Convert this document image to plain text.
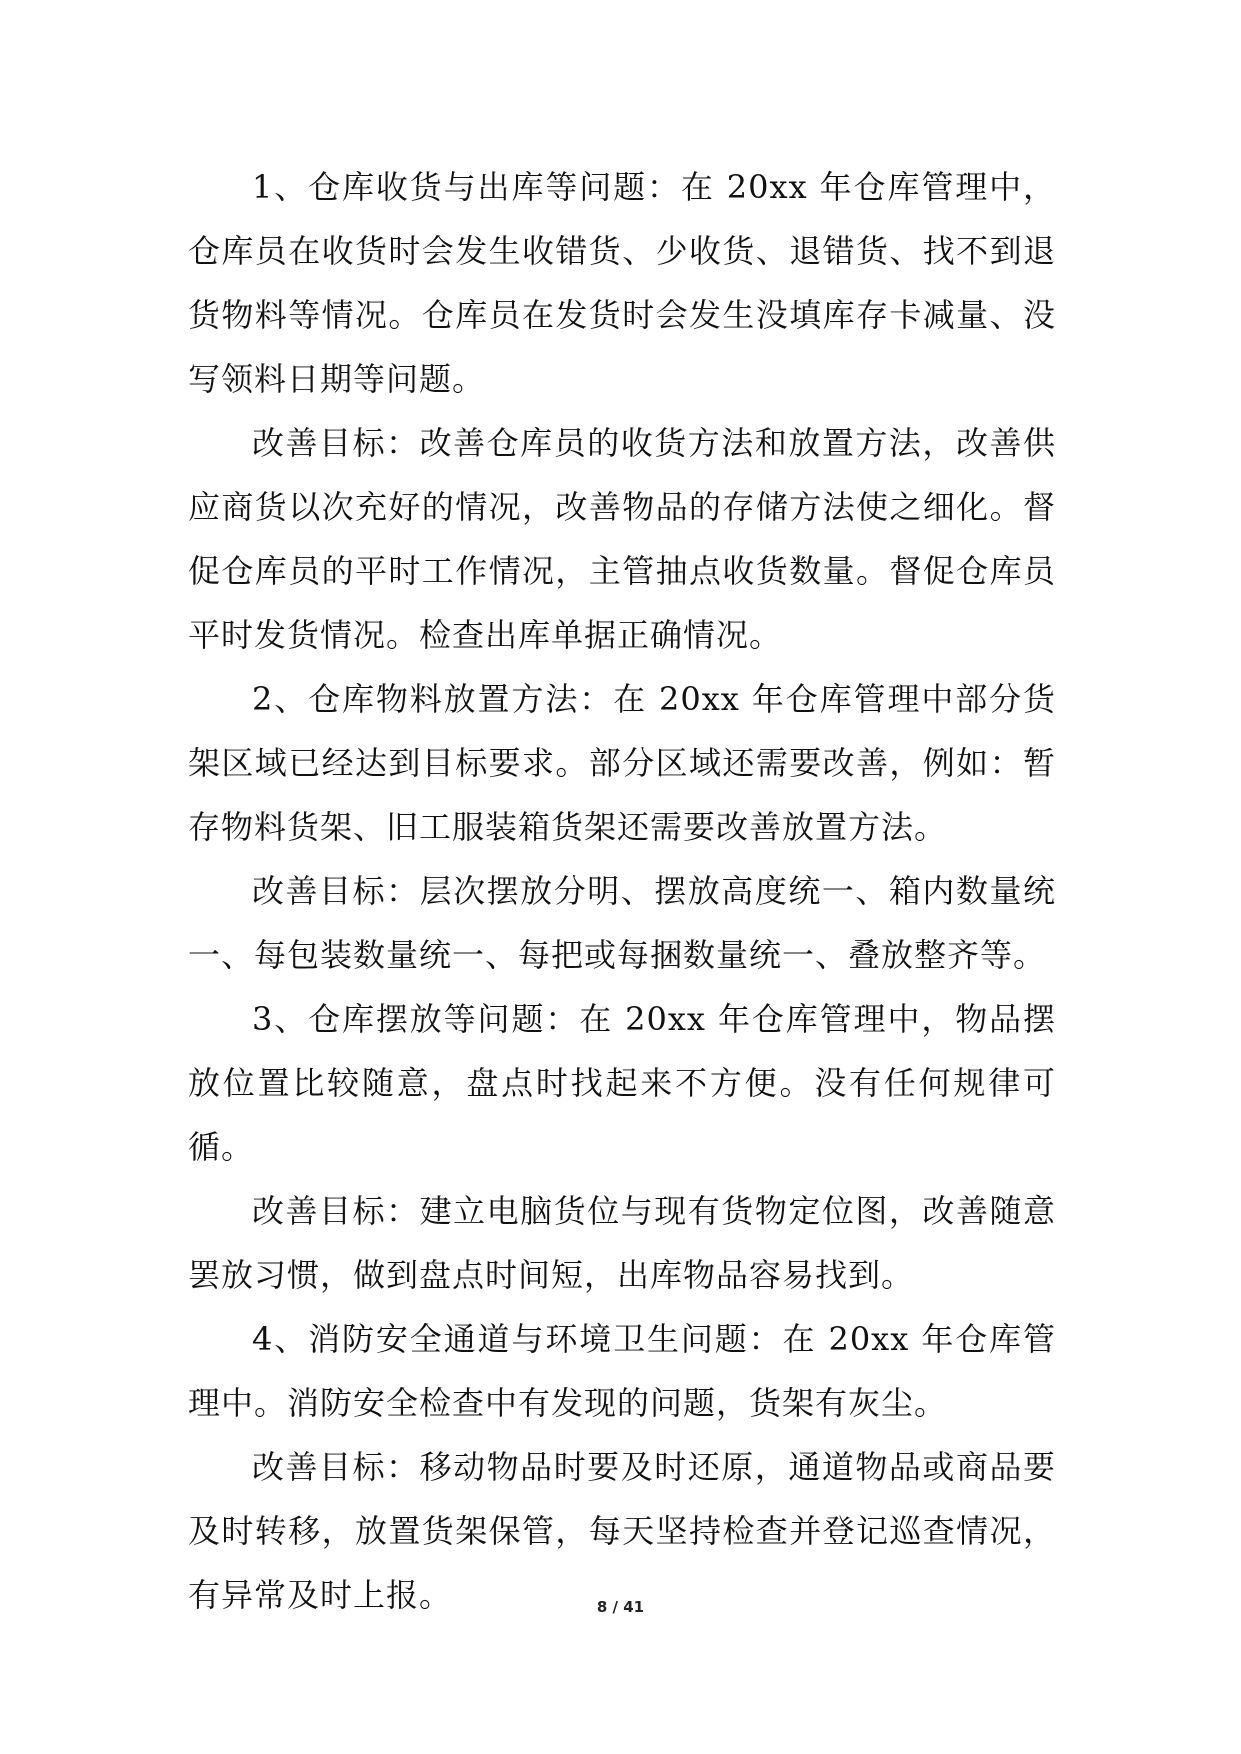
1、仓库收货与出库等问题：在 20xx 年仓库管理中，仓库员在收货时会发生收错货、少收货、退错货、找不到退货物料等情况。仓库员在发货时会发生没填库存卡减量、没写领料日期等问题。

改善目标：改善仓库员的收货方法和放置方法，改善供应商货以次充好的情况，改善物品的存储方法使之细化。督促仓库员的平时工作情况，主管抽点收货数量。督促仓库员平时发货情况。检查出库单据正确情况。

2、仓库物料放置方法：在 20xx 年仓库管理中部分货架区域已经达到目标要求。部分区域还需要改善，例如：暂存物料货架、旧工服装箱货架还需要改善放置方法。

改善目标：层次摆放分明、摆放高度统一、箱内数量统一、每包装数量统一、每把或每捆数量统一、叠放整齐等。

3、仓库摆放等问题：在 20xx 年仓库管理中，物品摆放位置比较随意，盘点时找起来不方便。没有任何规律可循。

改善目标：建立电脑货位与现有货物定位图，改善随意罢放习惯，做到盘点时间短，出库物品容易找到。

4、消防安全通道与环境卫生问题：在 20xx 年仓库管理中。消防安全检查中有发现的问题，货架有灰尘。

改善目标：移动物品时要及时还原，通道物品或商品要及时转移，放置货架保管，每天坚持检查并登记巡查情况，有异常及时上报。	8 / 41
